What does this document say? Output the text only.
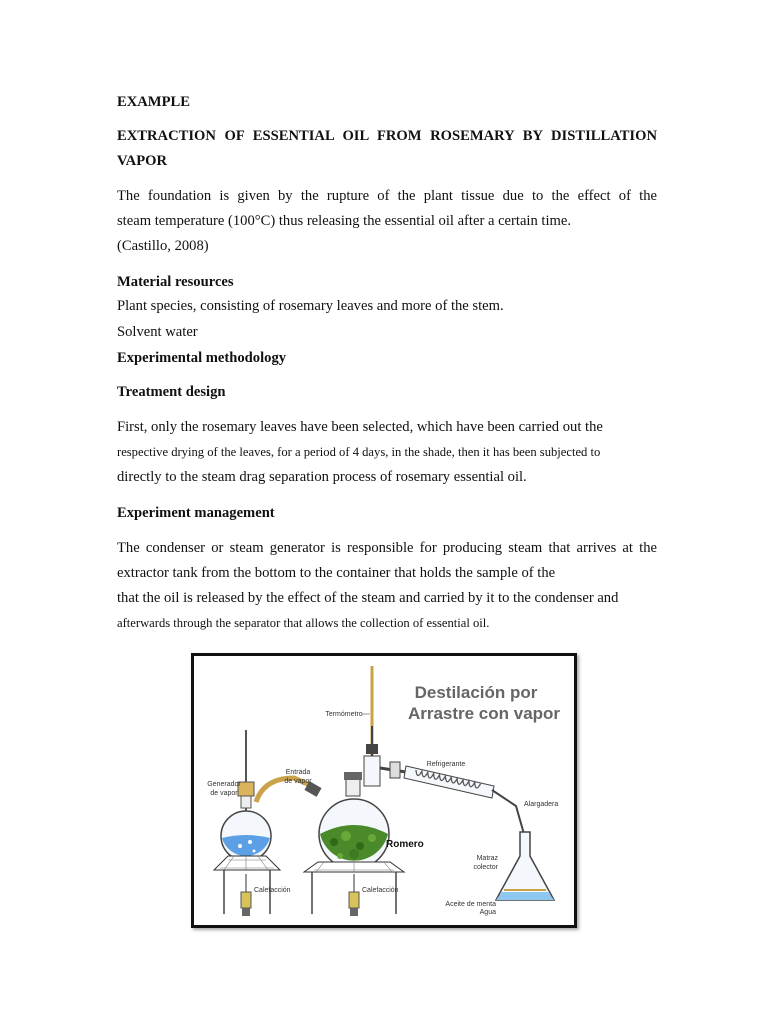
EXAMPLE

EXTRACTION OF ESSENTIAL OIL FROM ROSEMARY BY DISTILLATION

VAPOR

The foundation is given by the rupture of the plant tissue due to the effect of the

steam temperature (100°C) thus releasing the essential oil after a certain time.

(Castillo, 2008)

Material resources

Plant species, consisting of rosemary leaves and more of the stem.

Solvent water

Experimental methodology

Treatment design

First, only the rosemary leaves have been selected, which have been carried out the

respective drying of the leaves, for a period of 4 days, in the shade, then it has been subjected to

directly to the steam drag separation process of rosemary essential oil.

Experiment management

The condenser or steam generator is responsible for producing steam that arrives at the

extractor tank from the bottom to the container that holds the sample of the

that the oil is released by the effect of the steam and carried by it to the condenser and

afterwards through the separator that allows the collection of essential oil.

Destilación por
Arrastre con vapor
Termómetro
Generador
de vapor
Entrada
de vapor
Refrigerante
Alargadera
Romero
Matraz
colector
Calefacción	Calefacción
Aceite de menta
Agua
